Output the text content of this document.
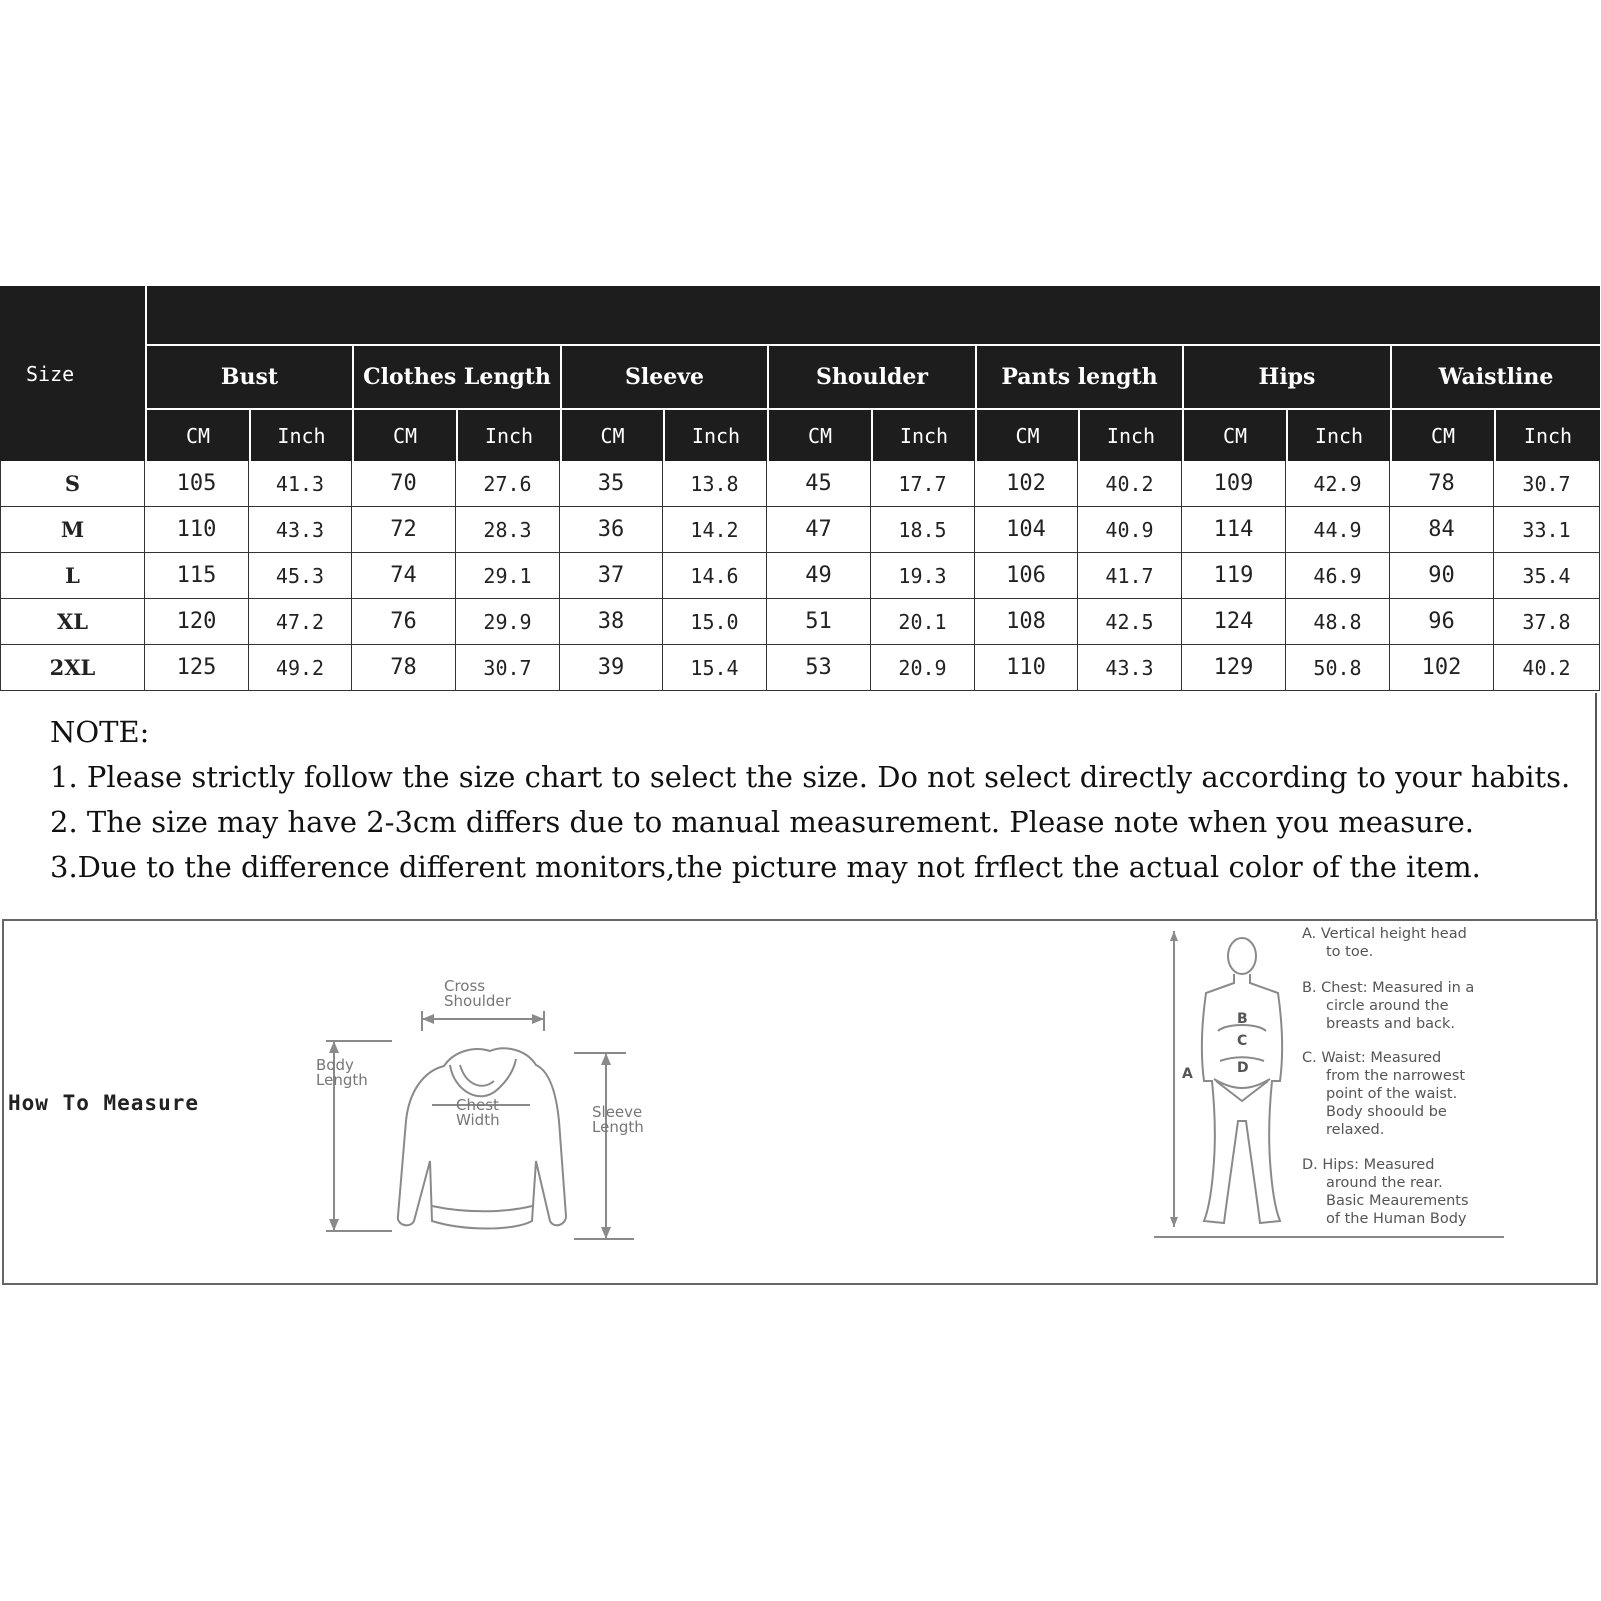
Size	Bust	Clothes Length	Sleeve	Shoulder	Pants length	Hips	Waistline
CM	Inch	CM	Inch	CM	Inch	CM	Inch	CM	Inch	CM	Inch	CM	Inch
S	105	41.3	70	27.6	35	13.8	45	17.7	102	40.2	109	42.9	78	30.7
M	110	43.3	72	28.3	36	14.2	47	18.5	104	40.9	114	44.9	84	33.1
L	115	45.3	74	29.1	37	14.6	49	19.3	106	41.7	119	46.9	90	35.4
XL	120	47.2	76	29.9	38	15.0	51	20.1	108	42.5	124	48.8	96	37.8
2XL	125	49.2	78	30.7	39	15.4	53	20.9	110	43.3	129	50.8	102	40.2
NOTE:
1. Please strictly follow the size chart to select the size. Do not select directly according to your habits.
2. The size may have 2-3cm differs due to manual measurement. Please note when you measure.
3.Due to the difference different monitors,the picture may not frflect the actual color of the item.
How To Measure
Cross
Shoulder
Body
Length
Chest
Width	Sleeve
Length
A
B
C
D
A. Vertical height head
to toe.
B. Chest: Measured in a
circle around the
breasts and back.
C. Waist: Measured
from the narrowest
point of the waist.
Body shoould be
relaxed.
D. Hips: Measured
around the rear.
Basic Meaurements
of the Human Body
